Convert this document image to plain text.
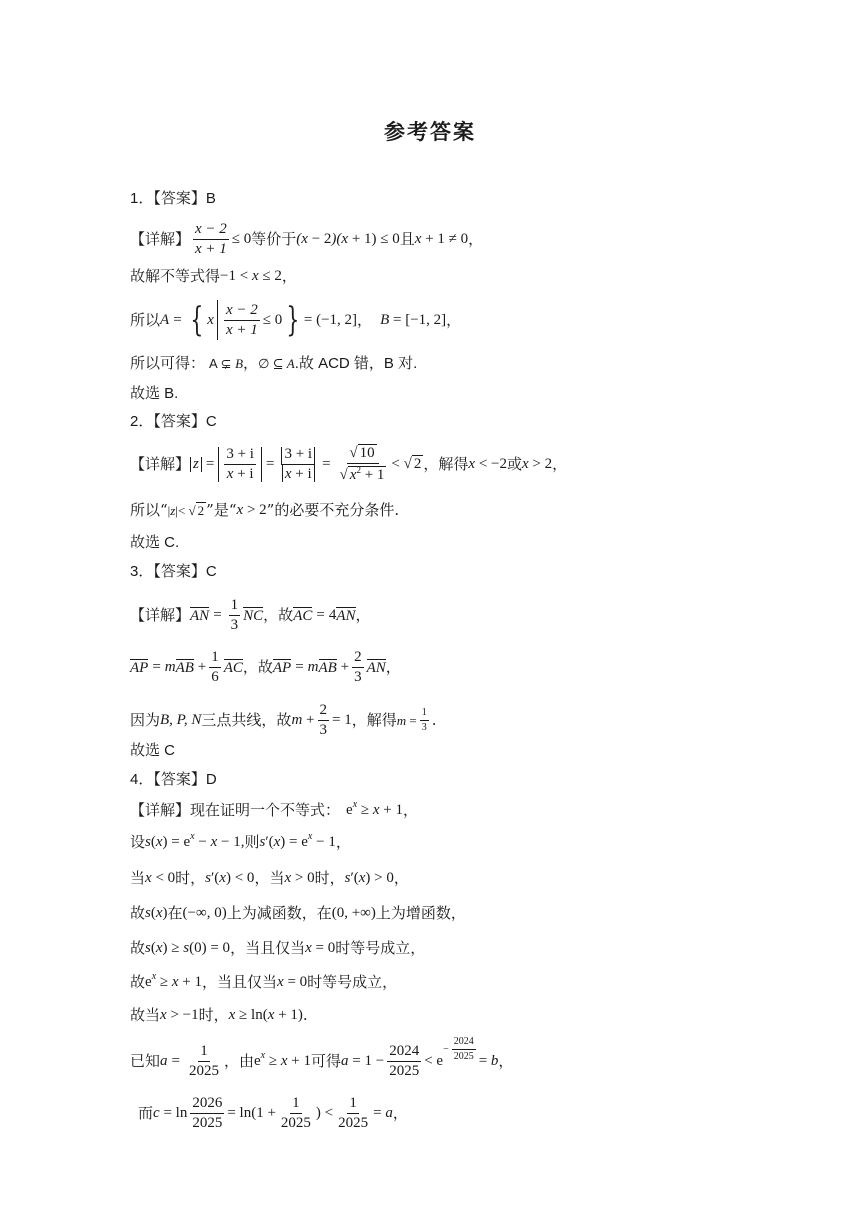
参考答案
1．【答案】B
【详解】 $\frac{x - 2}{x + 1} \le 0$ 等价于 (x − 2)(x + 1) ≤ 0 且 x + 1 ≠ 0 ，
故解不等式得 −1 < x ≤ 2 ，
所以 A = { x $\frac{x - 2}{x + 1} \le 0$ } = (−1, 2] ， B = [−1, 2] ，
所以可得： A ⊊ B ， ∅ ⊆ A .故 ACD 错，B 对.
故选 B.
2．【答案】C
【详解】 $z = \frac{3 + i}{x + i} = \frac{3 + i}{x + i} = \frac{√ 10}{√ x^2 + 1}$ < √ 2 ，解得 x < −2 或 x > 2 ，
所以“ |z|< √ 2 ”是“ x > 2 ”的必要不充分条件.
故选 C.
3．【答案】C
【详解】 AN = $\frac{1}{3}$ NC ，故 AC = 4 AN ，
AP = m AB + $\frac{1}{6}$ AC ，故 AP = m AB + $\frac{2}{3}$ AN ，
因为 B, P, N 三点共线，故 $m + \frac{2}{3} = 1$ ，解得 $m = \frac{1}{3}$ .
故选 C
4．【答案】D
【详解】现在证明一个不等式： $e^x \ge x + 1$ ，
设 $s(x) = e^x - x - 1$, 则 $s'(x) = e^x - 1$ ，
当 x < 0 时， s′(x) < 0 ，当 x > 0 时， s′(x) > 0 ，
故 s(x) 在 (−∞, 0) 上为减函数，在 (0, +∞) 上为增函数，
故 s(x) ≥ s(0) = 0 ，当且仅当 x = 0 时等号成立，
故 $e^x \ge x + 1$ ，当且仅当 x = 0 时等号成立，
故当 x > −1 时， x ≥ ln(x + 1) .
已知 $a = \frac{1}{2025}$ ，由 $e^x \ge x + 1$ 可得 $a = 1 - \frac{2024}{2025} < e$
− $\frac{2024}{2025} = b$ ，
而 $c = \ln \frac{2026}{2025} = \ln(1 + \frac{1}{2025}$ ) < $\frac{1}{2025} = a$ ，
